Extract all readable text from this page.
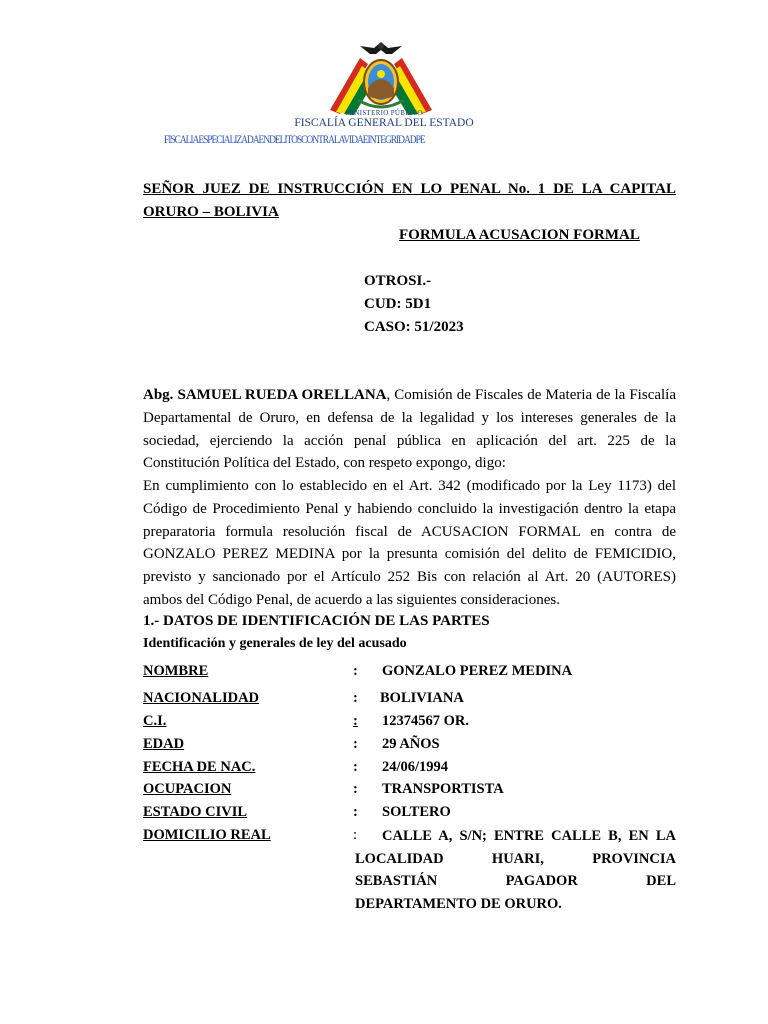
MINISTERIO PÚBLICO
FISCALÍA GENERAL DEL ESTADO
FISCALIAESPECIALIZADAENDELITOSCONTRALAVIDAEINTEGRIDADPE
SEÑOR JUEZ DE INSTRUCCIÓN EN LO PENAL No. 1 DE LA CAPITAL
ORURO – BOLIVIA
FORMULA ACUSACION FORMAL
OTROSI.-
CUD: 5D1
CASO: 51/2023
Abg. SAMUEL RUEDA ORELLANA, Comisión de Fiscales de Materia de la Fiscalía
Departamental de Oruro, en defensa de la legalidad y los intereses generales de la
sociedad, ejerciendo la acción penal pública en aplicación del art. 225 de la
Constitución Política del Estado, con respeto expongo, digo:
En cumplimiento con lo establecido en el Art. 342 (modificado por la Ley 1173) del
Código de Procedimiento Penal y habiendo concluido la investigación dentro la etapa
preparatoria formula resolución fiscal de ACUSACION FORMAL en contra de
GONZALO PEREZ MEDINA por la presunta comisión del delito de FEMICIDIO,
previsto y sancionado por el Artículo 252 Bis con relación al Art. 20 (AUTORES)
ambos del Código Penal, de acuerdo a las siguientes consideraciones.
1.- DATOS DE IDENTIFICACIÓN DE LAS PARTES
Identificación y generales de ley del acusado
NOMBRE	: GONZALO PEREZ MEDINA
NACIONALIDAD	: BOLIVIANA
C.I.	: 12374567 OR.
EDAD	: 29 AÑOS
FECHA DE NAC.	: 24/06/1994
OCUPACION	: TRANSPORTISTA
ESTADO CIVIL	: SOLTERO
DOMICILIO REAL	:	CALLE A, S/N; ENTRE CALLE B, EN LA
LOCALIDAD HUARI, PROVINCIA
SEBASTIÁN PAGADOR DEL
DEPARTAMENTO DE ORURO.
